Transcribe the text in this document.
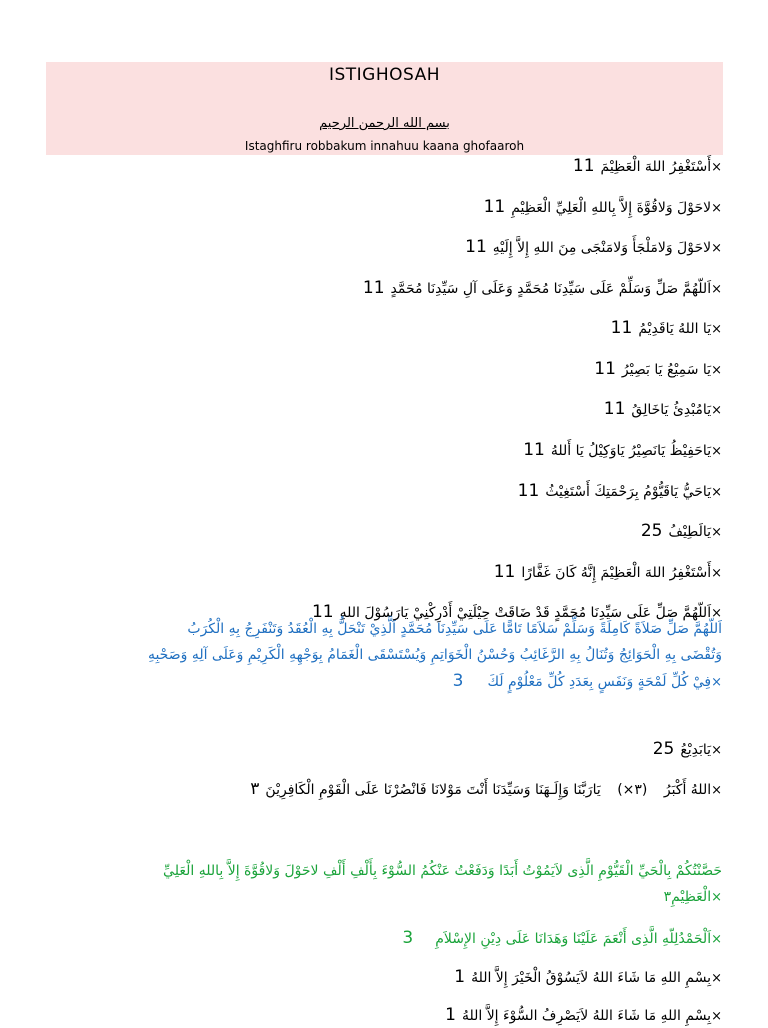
ISTIGHOSAH
بسم الله الرحمن الرحيم
Istaghfiru robbakum innahuu kaana ghofaaroh
×أَسْتَغْفِرُ اللهَ الْعَظِيْمَ11
×لاحَوْلَ وَلاقُوَّةَ إِلاَّ بِاللهِ الْعَلِيِّ الْعَظِيْمِ11
×لاحَوْلَ وَلامَلْجَأَ وَلامَنْجَى مِنَ اللهِ إِلاَّ إِلَيْهِ11
×اَللّهُمَّ صَلِّ وَسَلِّمْ عَلَى سَيِّدِنَا مُحَمَّدٍ وَعَلَى آلِ سَيِّدِنَا مُحَمَّدٍ11
×يَا اللهُ يَاقَدِيْمُ11
×يَا سَمِيْعُ يَا بَصِيْرُ11
×يَامُبْدِئُ يَاخَالِقُ11
×يَاحَفِيْظُ يَانَصِيْرُ يَاوَكِيْلُ يَا أَللهُ11
×يَاحَيُّ يَاقَيُّوْمُ بِرَحْمَتِكَ أَسْتَغِيْثُ11
×يَالَطِيْفُ25
×أَسْتَغْفِرُ اللهَ الْعَظِيْمَ إِنَّهُ كَانَ غَفَّارًا11
×اَللّهُمَّ صَلِّ عَلَى سَيِّدِنَا مُحَمَّدٍ قَدْ ضَاقَتْ حِيْلَتِيْ أَدْرِكْنِيْ يَارَسُوْلَ اللهِ11
اَللّهُمَّ صَلِّ صَلاَةً كَامِلَةً وَسَلِّمْ سَلاَمًا تَامًّا عَلَى سَيِّدِنَا مُحَمَّدٍ اَلَّذِيْ تَنْحَلُّ بِهِ الْعُقَدُ وَتَنْفَرِجُ بِهِ الْكُرَبُ
وَتُقْضَى بِهِ الْحَوَائِجُ وَتُنَالُ بِهِ الرَّغَائِبُ وَحُسْنُ الْخَوَاتِمِ وَيُسْتَسْقَى الْغَمَامُ بِوَجْهِهِ الْكَرِيْمِ وَعَلَى آلِهِ وَصَحْبِهِ
×فِيْ كُلِّ لَمْحَةٍ وَنَفَسٍ بِعَدَدِ كُلِّ مَعْلُوْمٍ لَكَ3
×يَابَدِيْعُ25
×اللهُ أَكْبَرُ (٣×) يَارَبَّنَا وَإِلَـهَنَا وَسَيِّدَنَا أَنْتَ مَوْلانَا فَانْصُرْنَا عَلَى الْقَوْمِ الْكَافِرِيْنَ٣
حَصَّنْتُكُمْ بِالْحَيِّ الْقَيُّوْمِ الَّذِى لاَيَمُوْتُ أَبَدًا وَدَفَعْتُ عَنْكُمُ السُّوْءَ بِأَلْفِ أَلْفِ لاحَوْلَ وَلاقُوَّةَ إِلاَّ بِاللهِ الْعَلِيِّ
×الْعَظِيْمِ٣
×اَلْحَمْدُلِلّهِ الَّذِى أَنْعَمَ عَلَيْنَا وَهَدَانَا عَلَى دِيْنِ الإِسْلاَمِ3
×بِسْمِ اللهِ مَا شَاءَ اللهُ لاَيَسُوْقُ الْخَيْرَ إِلاَّ اللهُ1
×بِسْمِ اللهِ مَا شَاءَ اللهُ لاَيَصْرِفُ السُّوْءَ إِلاَّ اللهُ1
